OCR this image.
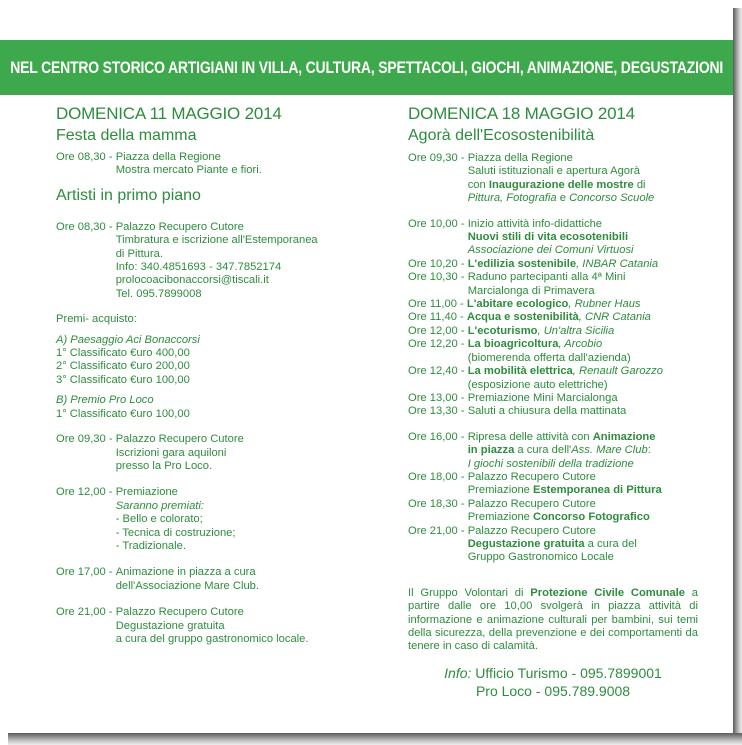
NEL CENTRO STORICO ARTIGIANI IN VILLA, CULTURA, SPETTACOLI, GIOCHI, ANIMAZIONE, DEGUSTAZIONI
DOMENICA 11 MAGGIO 2014
Festa della mamma
Ore 08,30 - Piazza della Regione
Mostra mercato Piante e fiori.
Artisti in primo piano
Ore 08,30 - Palazzo Recupero Cutore
Timbratura e iscrizione all'Estemporanea
di Pittura.
Info: 340.4851693 - 347.7852174
prolocoacibonaccorsi@tiscali.it
Tel. 095.7899008
Premi- acquisto:
A) Paesaggio Aci Bonaccorsi
1° Classificato €uro 400,00
2° Classificato €uro 200,00
3° Classificato €uro 100,00
B) Premio Pro Loco
1° Classificato €uro 100,00
Ore 09,30 - Palazzo Recupero Cutore
Iscrizioni gara aquiloni
presso la Pro Loco.
Ore 12,00 - Premiazione
Saranno premiati:
- Bello e colorato;
- Tecnica di costruzione;
- Tradizionale.
Ore 17,00 - Animazione in piazza a cura
dell'Associazione Mare Club.
Ore 21,00 - Palazzo Recupero Cutore
Degustazione gratuita
a cura del gruppo gastronomico locale.
DOMENICA 18 MAGGIO 2014
Agorà dell'Ecosostenibilità
Ore 09,30 - Piazza della Regione
Saluti istituzionali e apertura Agorà
con Inaugurazione delle mostre di
Pittura, Fotografia e Concorso Scuole
Ore 10,00 - Inizio attività info-didattiche
Nuovi stili di vita ecosotenibili
Associazione dei Comuni Virtuosi
Ore 10,20 - L'edilizia sostenibile, INBAR Catania
Ore 10,30 - Raduno partecipanti alla 4ª Mini
Marcialonga di Primavera
Ore 11,00 - L'abitare ecologico, Rubner Haus
Ore 11,40 - Acqua e sostenibilità, CNR Catania
Ore 12,00 - L'ecoturismo, Un'altra Sicilia
Ore 12,20 - La bioagricoltura, Arcobio
(biomerenda offerta dall'azienda)
Ore 12,40 - La mobilità elettrica, Renault Garozzo
(esposizione auto elettriche)
Ore 13,00 - Premiazione Mini Marcialonga
Ore 13,30 - Saluti a chiusura della mattinata
Ore 16,00 - Ripresa delle attività con Animazione
in piazza a cura dell'Ass. Mare Club:
I giochi sostenibili della tradizione
Ore 18,00 - Palazzo Recupero Cutore
Premiazione Estemporanea di Pittura
Ore 18,30 - Palazzo Recupero Cutore
Premiazione Concorso Fotografico
Ore 21,00 - Palazzo Recupero Cutore
Degustazione gratuita a cura del
Gruppo Gastronomico Locale
Il Gruppo Volontari di Protezione Civile Comunale a partire dalle ore 10,00 svolgerà in piazza attività di informazione e animazione culturali per bambini, sui temi della sicurezza, della prevenzione e dei comportamenti da tenere in caso di calamità.
Info: Ufficio Turismo - 095.7899001
Pro Loco - 095.789.9008
